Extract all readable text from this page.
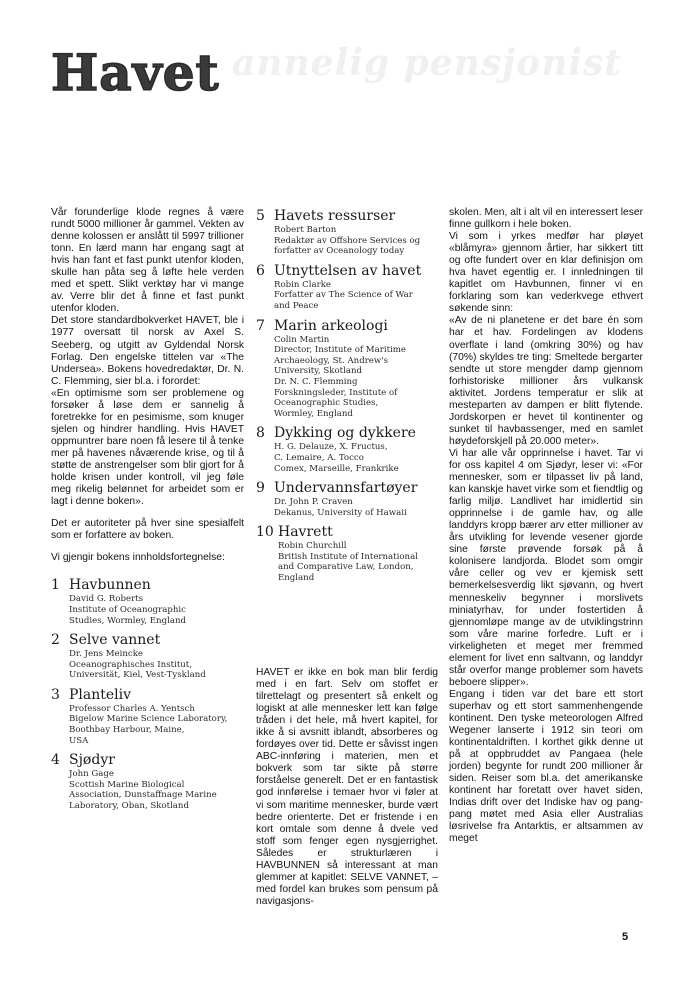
annelig pensjonist
Havet

Vår forunderlige klode regnes å være rundt 5000 millioner år gammel. Vekten av denne kolossen er anslått til 5997 trillioner tonn. En lærd mann har engang sagt at hvis han fant et fast punkt utenfor kloden, skulle han påta seg å løfte hele verden med et spett. Slikt verktøy har vi mange av. Verre blir det å finne et fast punkt utenfor kloden.

Det store standardbokverket HAVET, ble i 1977 oversatt til norsk av Axel S. Seeberg, og utgitt av Gyldendal Norsk Forlag. Den engelske tittelen var «The Undersea». Bokens hovedredaktør, Dr. N. C. Flemming, sier bl.a. i forordet:

«En optimisme som ser problemene og forsøker å løse dem er sannelig å foretrekke for en pesimisme, som knuger sjelen og hindrer handling. Hvis HAVET oppmuntrer bare noen få lesere til å tenke mer på havenes nåværende krise, og til å støtte de anstrengelser som blir gjort for å holde krisen under kontroll, vil jeg føle meg rikelig belønnet for arbeidet som er lagt i denne boken».

Det er autoriteter på hver sine spesialfelt som er forfattere av boken.

Vi gjengir bokens innholdsfortegnelse:

1 Havbunnen
David G. Roberts
Institute of Oceanographic
Studies, Wormley, England
2 Selve vannet
Dr. Jens Meincke
Oceanographisches Institut,
Universität, Kiel, Vest-Tyskland
3 Planteliv
Professor Charles A. Yentsch
Bigelow Marine Science Laboratory, Boothbay Harbour, Maine,
USA
4 Sjødyr
John Gage
Scottish Marine Biological
Association, Dunstaffnage Marine
Laboratory, Oban, Skotland
5 Havets ressurser
Robert Barton
Redaktør av Offshore Services og
forfatter av Oceanology today
6 Utnyttelsen av havet
Robin Clarke
Forfatter av The Science of War
and Peace
7 Marin arkeologi
Colin Martin
Director, Institute of Maritime
Archaeology, St. Andrew's
University, Skotland
Dr. N. C. Flemming
Forskningsleder, Institute of
Oceanographic Studies,
Wormley, England
8 Dykking og dykkere
H. G. Delauze, X. Fructus,
C. Lemaire, A. Tocco
Comex, Marseille, Frankrike
9 Undervannsfartøyer
Dr. John P. Craven
Dekanus, University of Hawaii
10 Havrett
Robin Churchill
British Institute of International
and Comparative Law, London,
England

HAVET er ikke en bok man blir ferdig med i en fart. Selv om stoffet er tilrettelagt og presentert så enkelt og logiskt at alle mennesker lett kan følge tråden i det hele, må hvert kapitel, for ikke å si avsnitt iblandt, absorberes og fordøyes over tid. Dette er såvisst ingen ABC-innføring i materien, men et bokverk som tar sikte på større forståelse generelt. Det er en fantastisk god innførelse i temaer hvor vi føler at vi som maritime mennesker, burde vært bedre orienterte. Det er fristende i en kort omtale som denne å dvele ved stoff som fenger egen nysgjerrighet. Således er strukturlæren i HAVBUNNEN så interessant at man glemmer at kapitlet: SELVE VANNET, – med fordel kan brukes som pensum på navigasjons-

skolen. Men, alt i alt vil en interessert leser finne gullkorn i hele boken.

Vi som i yrkes medfør har pløyet «blåmyra» gjennom årtier, har sikkert titt og ofte fundert over en klar definisjon om hva havet egentlig er. I innledningen til kapitlet om Havbunnen, finner vi en forklaring som kan vederkvege ethvert søkende sinn:

«Av de ni planetene er det bare én som har et hav. Fordelingen av klodens overflate i land (omkring 30%) og hav (70%) skyldes tre ting: Smeltede bergarter sendte ut store mengder damp gjennom forhistoriske millioner års vulkansk aktivitet. Jordens temperatur er slik at mesteparten av dampen er blitt flytende. Jordskorpen er hevet til kontinenter og sunket til havbassenger, med en samlet høydeforskjell på 20.000 meter».

Vi har alle vår opprinnelse i havet. Tar vi for oss kapitel 4 om Sjødyr, leser vi: «For mennesker, som er tilpasset liv på land, kan kanskje havet virke som et fiendtlig og farlig miljø. Landlivet har imidlertid sin opprinnelse i de gamle hav, og alle landdyrs kropp bærer arv etter millioner av års utvikling for levende vesener gjorde sine første prøvende forsøk på å kolonisere landjorda. Blodet som omgir våre celler og vev er kjemisk sett bemerkelsesverdig likt sjøvann, og hvert menneskeliv begynner i morslivets miniatyrhav, for under fostertiden å gjennomløpe mange av de utviklingstrinn som våre marine forfedre. Luft er i virkeligheten et meget mer fremmed element for livet enn saltvann, og landdyr står overfor mange problemer som havets beboere slipper».

Engang i tiden var det bare ett stort superhav og ett stort sammenhengende kontinent. Den tyske meteorologen Alfred Wegener lanserte i 1912 sin teori om kontinentaldriften. I korthet gikk denne ut på at oppbruddet av Pangaea (hele jorden) begynte for rundt 200 millioner år siden. Reiser som bl.a. det amerikanske kontinent har foretatt over havet siden, Indias drift over det Indiske hav og pang-pang møtet med Asia eller Australias løsrivelse fra Antarktis, er altsammen av meget

5
